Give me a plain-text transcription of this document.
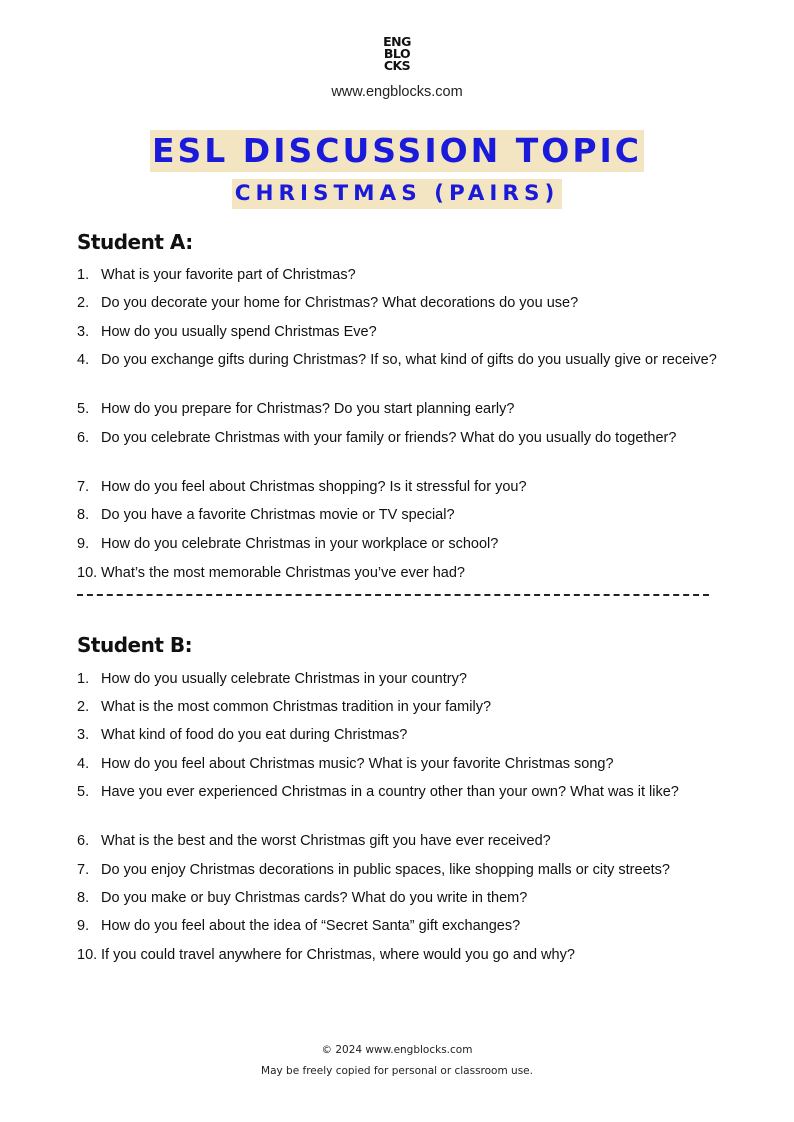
ENG
BLO
CKS
www.engblocks.com
ESL DISCUSSION TOPIC
CHRISTMAS (PAIRS)
Student A:
1. What is your favorite part of Christmas?
2. Do you decorate your home for Christmas? What decorations do you use?
3. How do you usually spend Christmas Eve?
4. Do you exchange gifts during Christmas? If so, what kind of gifts do you usually give or receive?
5. How do you prepare for Christmas? Do you start planning early?
6. Do you celebrate Christmas with your family or friends? What do you usually do together?
7. How do you feel about Christmas shopping? Is it stressful for you?
8. Do you have a favorite Christmas movie or TV special?
9. How do you celebrate Christmas in your workplace or school?
10. What’s the most memorable Christmas you’ve ever had?
Student B:
1. How do you usually celebrate Christmas in your country?
2. What is the most common Christmas tradition in your family?
3. What kind of food do you eat during Christmas?
4. How do you feel about Christmas music? What is your favorite Christmas song?
5. Have you ever experienced Christmas in a country other than your own? What was it like?
6. What is the best and the worst Christmas gift you have ever received?
7. Do you enjoy Christmas decorations in public spaces, like shopping malls or city streets?
8. Do you make or buy Christmas cards? What do you write in them?
9. How do you feel about the idea of “Secret Santa” gift exchanges?
10. If you could travel anywhere for Christmas, where would you go and why?
© 2024 www.engblocks.com
May be freely copied for personal or classroom use.
